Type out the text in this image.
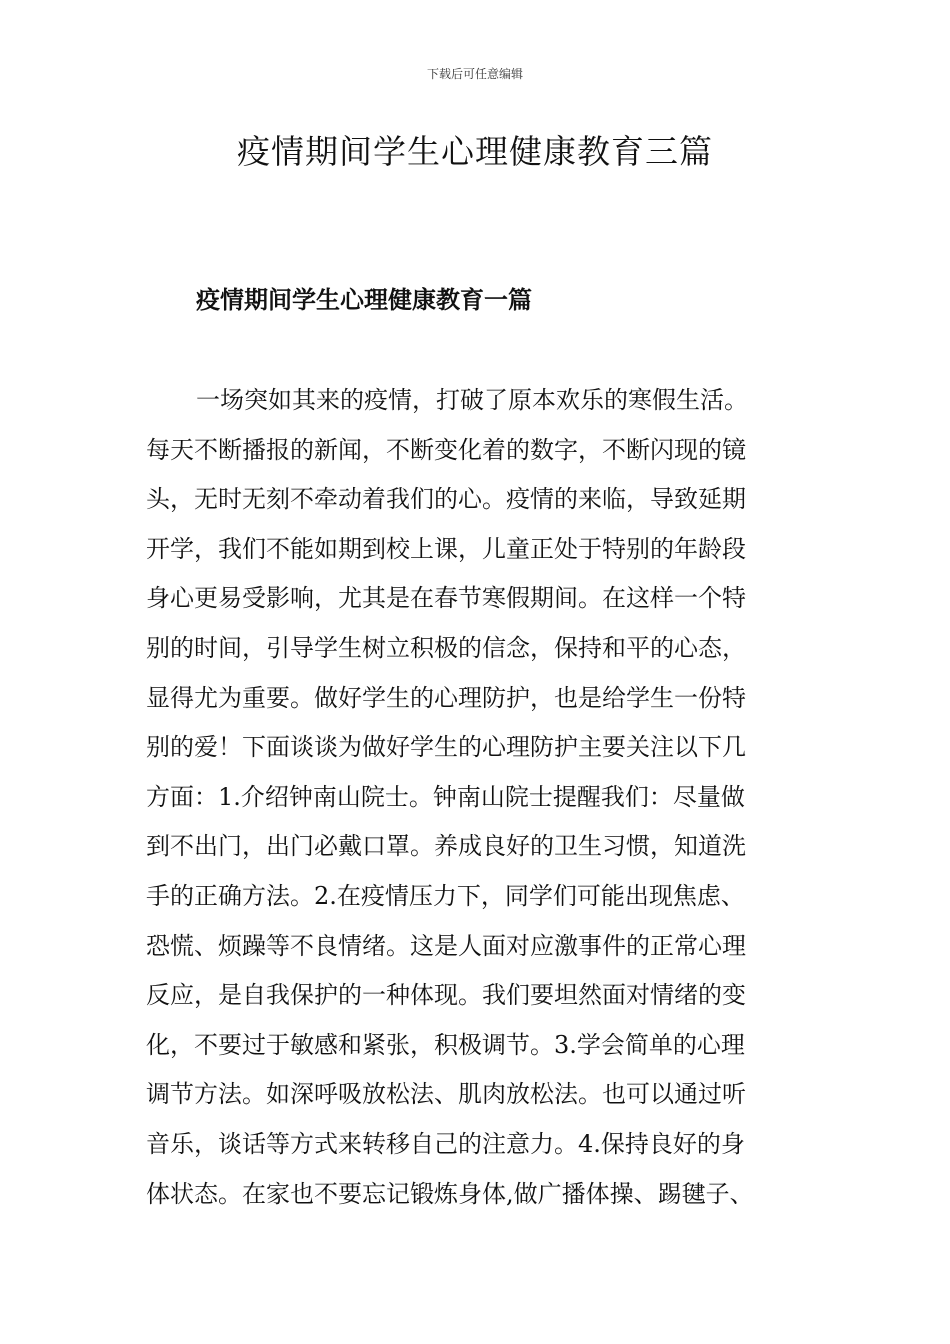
下载后可任意编辑
疫情期间学生心理健康教育三篇
疫情期间学生心理健康教育一篇
一场突如其来的疫情，打破了原本欢乐的寒假生活。
每天不断播报的新闻，不断变化着的数字，不断闪现的镜
头，无时无刻不牵动着我们的心。疫情的来临，导致延期
开学，我们不能如期到校上课，儿童正处于特别的年龄段
身心更易受影响，尤其是在春节寒假期间。在这样一个特
别的时间，引导学生树立积极的信念，保持和平的心态，
显得尤为重要。做好学生的心理防护，也是给学生一份特
别的爱！下面谈谈为做好学生的心理防护主要关注以下几
方面：1.介绍钟南山院士。钟南山院士提醒我们：尽量做
到不出门，出门必戴口罩。养成良好的卫生习惯，知道洗
手的正确方法。2.在疫情压力下，同学们可能出现焦虑、
恐慌、烦躁等不良情绪。这是人面对应激事件的正常心理
反应，是自我保护的一种体现。我们要坦然面对情绪的变
化，不要过于敏感和紧张，积极调节。3.学会简单的心理
调节方法。如深呼吸放松法、肌肉放松法。也可以通过听
音乐，谈话等方式来转移自己的注意力。4.保持良好的身
体状态。在家也不要忘记锻炼身体,做广播体操、踢毽子、
